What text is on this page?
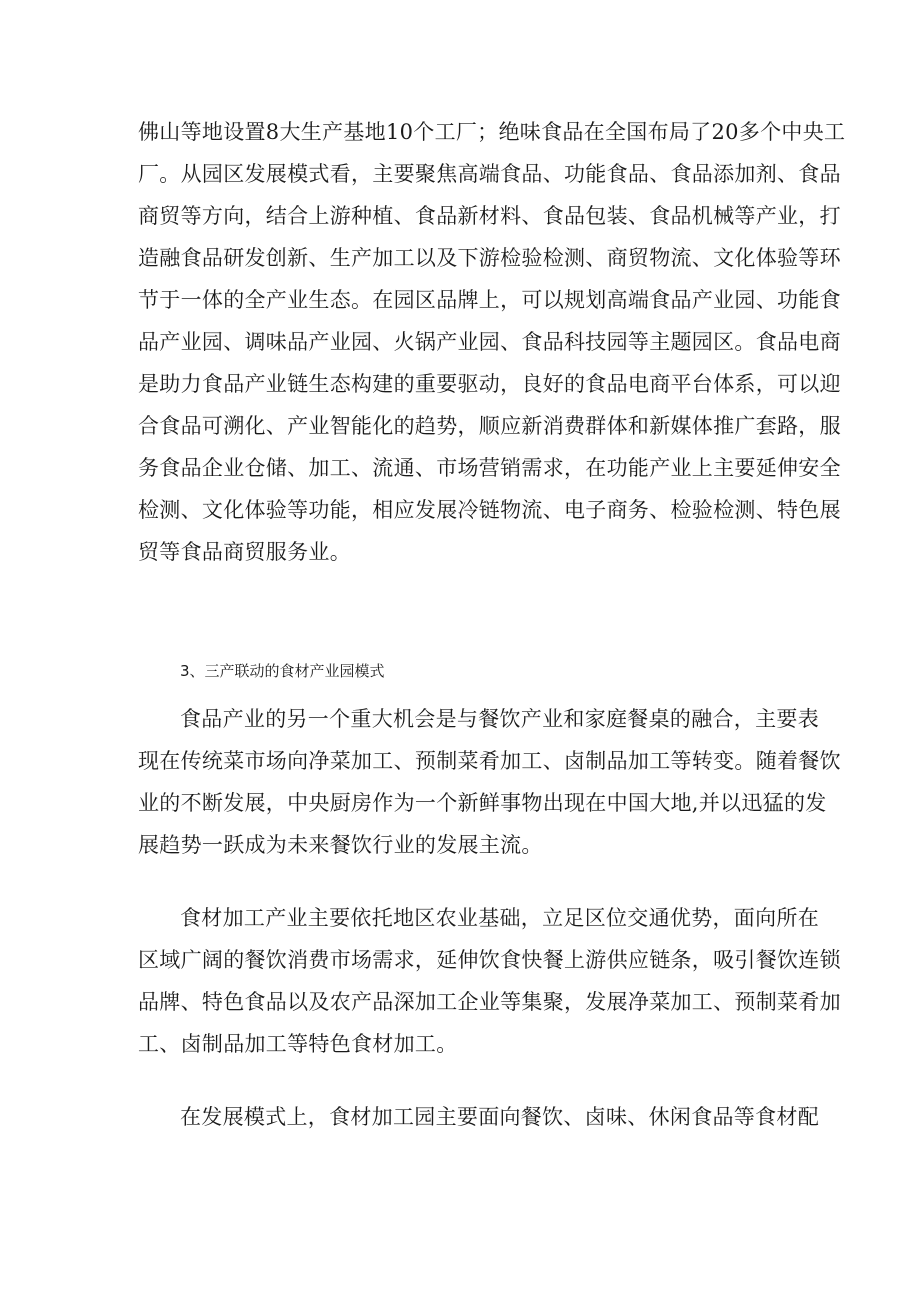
佛山等地设置8大生产基地10个工厂；绝味食品在全国布局了20多个中央工
厂。从园区发展模式看，主要聚焦高端食品、功能食品、食品添加剂、食品
商贸等方向，结合上游种植、食品新材料、食品包装、食品机械等产业，打
造融食品研发创新、生产加工以及下游检验检测、商贸物流、文化体验等环
节于一体的全产业生态。在园区品牌上，可以规划高端食品产业园、功能食
品产业园、调味品产业园、火锅产业园、食品科技园等主题园区。食品电商
是助力食品产业链生态构建的重要驱动，良好的食品电商平台体系，可以迎
合食品可溯化、产业智能化的趋势，顺应新消费群体和新媒体推广套路，服
务食品企业仓储、加工、流通、市场营销需求，在功能产业上主要延伸安全
检测、文化体验等功能，相应发展冷链物流、电子商务、检验检测、特色展
贸等食品商贸服务业。

3、三产联动的食材产业园模式

食品产业的另一个重大机会是与餐饮产业和家庭餐桌的融合，主要表
现在传统菜市场向净菜加工、预制菜肴加工、卤制品加工等转变。随着餐饮
业的不断发展，中央厨房作为一个新鲜事物出现在中国大地,并以迅猛的发
展趋势一跃成为未来餐饮行业的发展主流。
食材加工产业主要依托地区农业基础，立足区位交通优势，面向所在
区域广阔的餐饮消费市场需求，延伸饮食快餐上游供应链条，吸引餐饮连锁
品牌、特色食品以及农产品深加工企业等集聚，发展净菜加工、预制菜肴加
工、卤制品加工等特色食材加工。
在发展模式上，食材加工园主要面向餐饮、卤味、休闲食品等食材配
